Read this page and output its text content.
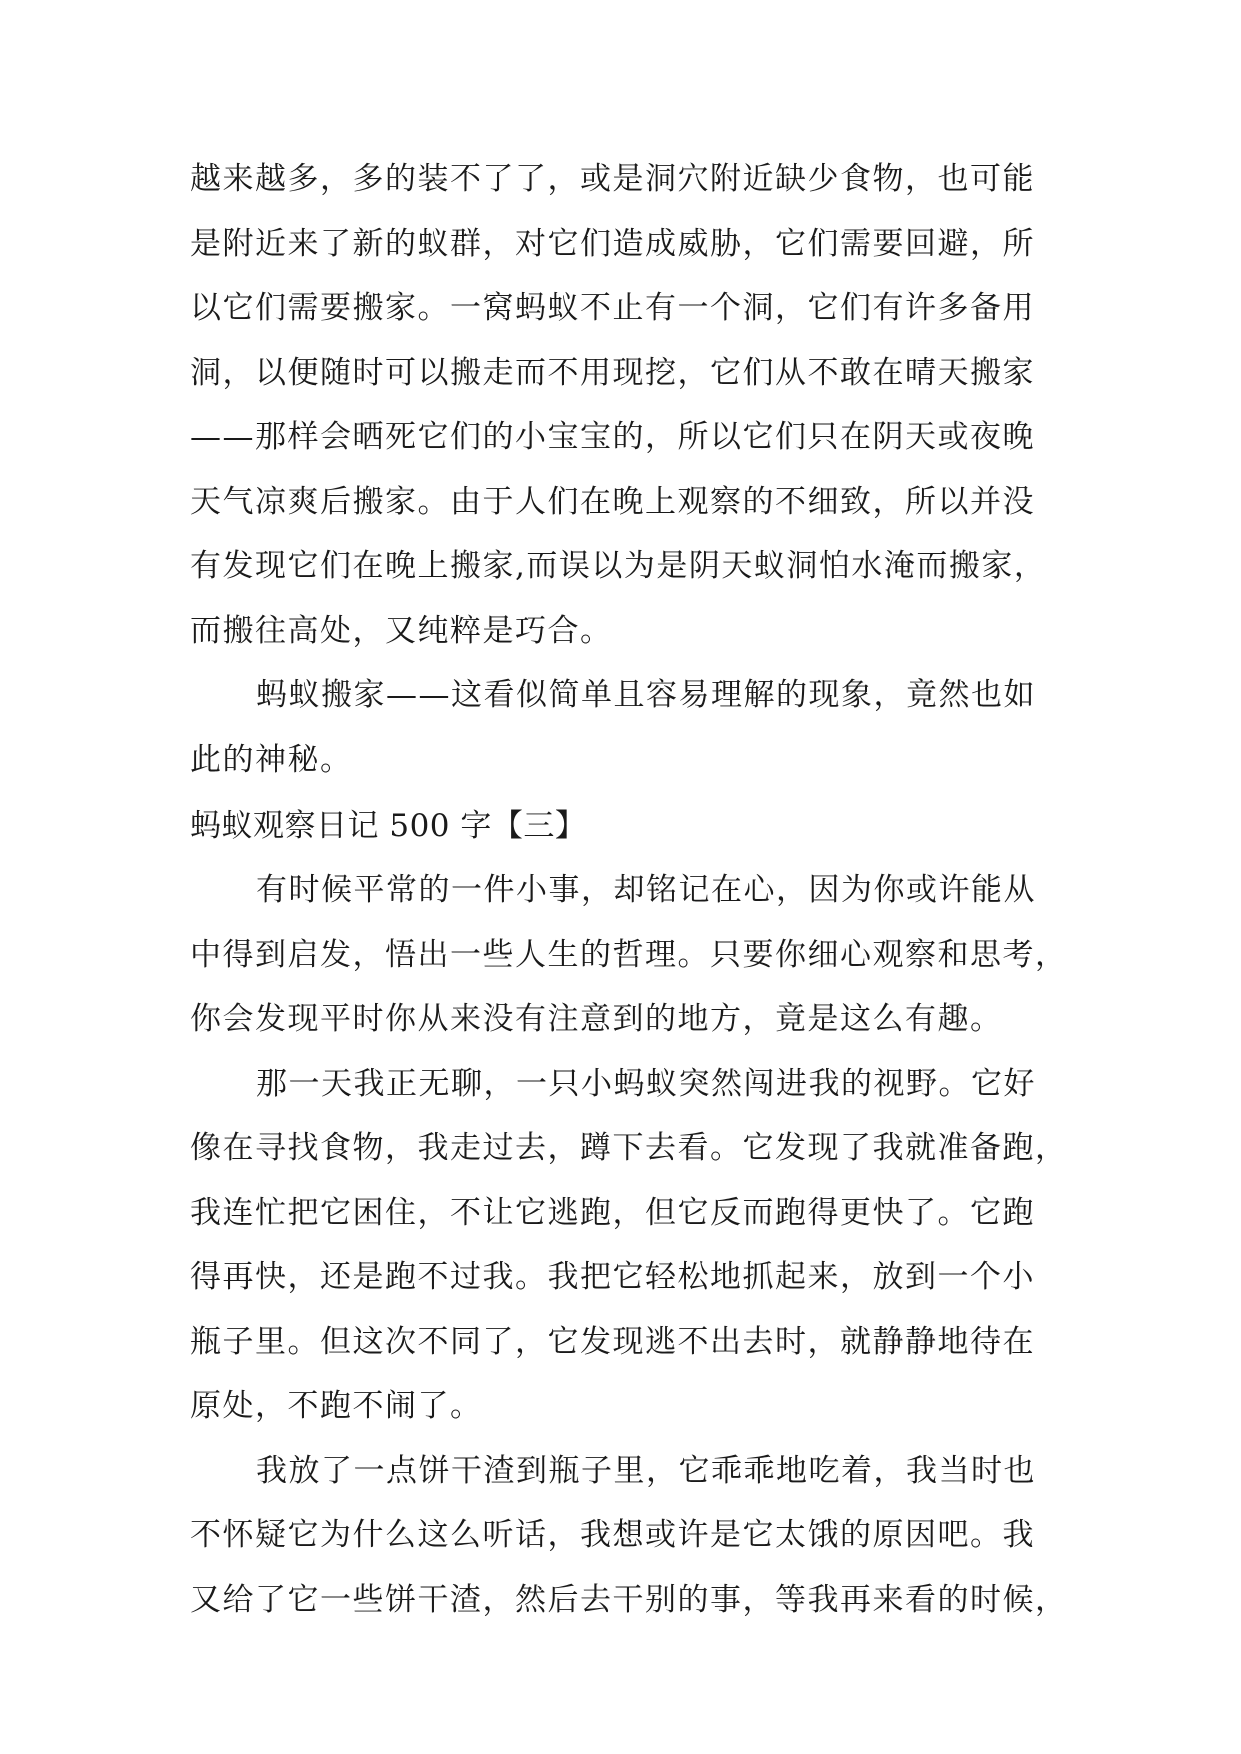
越来越多，多的装不了了，或是洞穴附近缺少食物，也可能
是附近来了新的蚁群，对它们造成威胁，它们需要回避，所
以它们需要搬家。一窝蚂蚁不止有一个洞，它们有许多备用
洞，以便随时可以搬走而不用现挖，它们从不敢在晴天搬家
——那样会晒死它们的小宝宝的，所以它们只在阴天或夜晚
天气凉爽后搬家。由于人们在晚上观察的不细致，所以并没
有发现它们在晚上搬家,而误以为是阴天蚁洞怕水淹而搬家，
而搬往高处，又纯粹是巧合。
蚂蚁搬家——这看似简单且容易理解的现象，竟然也如
此的神秘。
蚂蚁观察日记 500 字【三】
有时候平常的一件小事，却铭记在心，因为你或许能从
中得到启发，悟出一些人生的哲理。只要你细心观察和思考，
你会发现平时你从来没有注意到的地方，竟是这么有趣。
那一天我正无聊，一只小蚂蚁突然闯进我的视野。它好
像在寻找食物，我走过去，蹲下去看。它发现了我就准备跑，
我连忙把它困住，不让它逃跑，但它反而跑得更快了。它跑
得再快，还是跑不过我。我把它轻松地抓起来，放到一个小
瓶子里。但这次不同了，它发现逃不出去时，就静静地待在
原处，不跑不闹了。
我放了一点饼干渣到瓶子里，它乖乖地吃着，我当时也
不怀疑它为什么这么听话，我想或许是它太饿的原因吧。我
又给了它一些饼干渣，然后去干别的事，等我再来看的时候，
